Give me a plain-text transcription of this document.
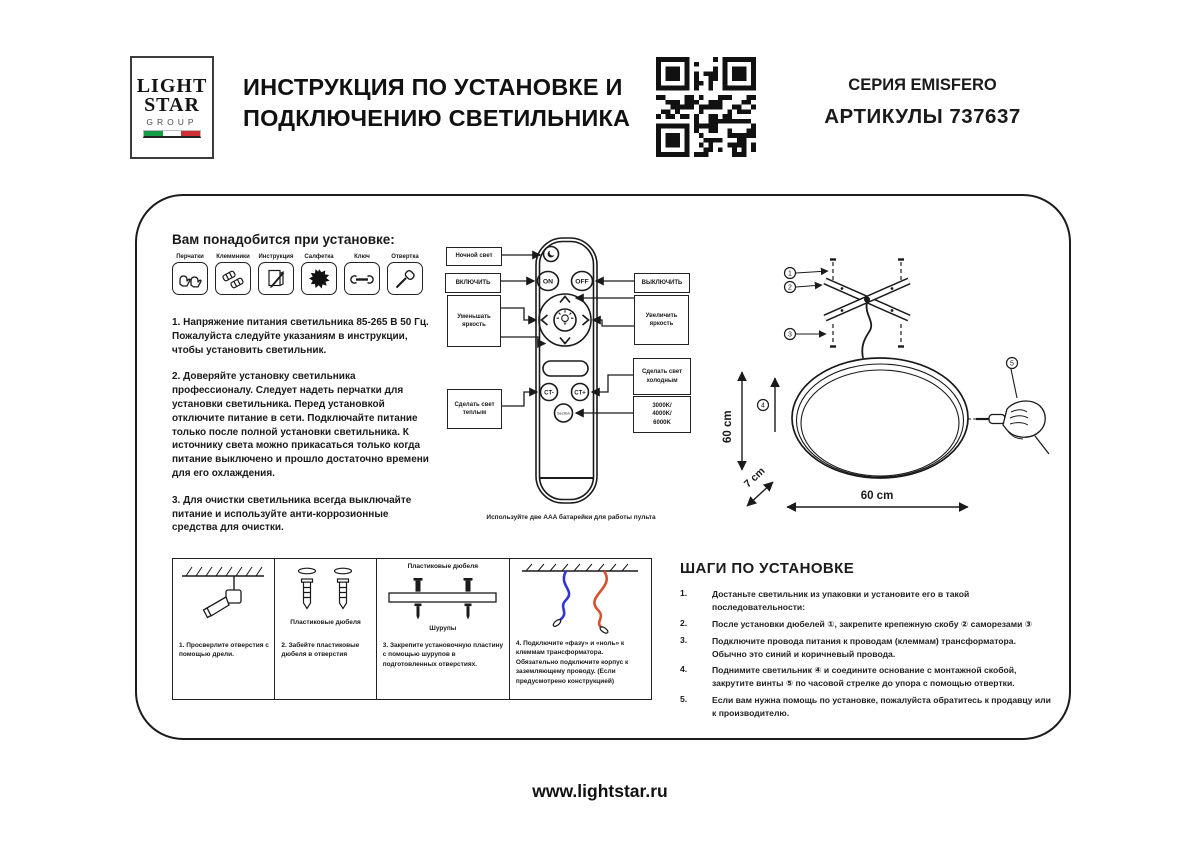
LIGHT
STAR
GROUP
ИНСТРУКЦИЯ ПО УСТАНОВКЕ И
ПОДКЛЮЧЕНИЮ СВЕТИЛЬНИКА
СЕРИЯ EMISFERO
АРТИКУЛЫ 737637
Вам понадобится при установке:
Перчатки Клеммники Инструкция Салфетка	Ключ	Отвертка

1. Напряжение питания светильника 85-265 В 50 Гц. Пожалуйста следуйте указаниям в инструкции, чтобы установить светильник.

2. Доверяйте установку светильника профессионалу. Следует надеть перчатки для установки светильника. Перед установкой отключите питание в сети. Подключайте питание только после полной установки светильника. К источнику света можно прикасаться только когда питание выключено и прошло достаточно времени для его охлаждения.

3. Для очистки светильника всегда выключайте питание и используйте анти-коррозионные средства для очистки.

ON	OFF
CT-	CT+
Section
Ночной свет
ВКЛЮЧИТЬ	ВЫКЛЮЧИТЬ
Уменьшать яркость
Увеличить яркость
Сделать свет теплым
Сделать свет холодным
3000K/
4000K/
6000K
Используйте две AAA батарейки для работы пульта
1
2
3
4
5
60 cm
7 cm
60 cm
1. Просверлите отверстия с помощью дрели.
Пластиковые дюбеля
2. Забейте пластиковые дюбеля в отверстия
Пластиковые дюбеля
Шурупы
3. Закрепите установочную пластину с помощью шурупов в подготовленных отверстиях.
4. Подключите «фазу» и «ноль» к клеммам трансформатора. Обязательно подключите корпус к заземляющему проводу. (Если предусмотрено конструкцией)
ШАГИ ПО УСТАНОВКЕ
1.	Достаньте светильник из упаковки и установите его в такой последовательности:
2.	После установки дюбелей ①, закрепите крепежную скобу ② саморезами ③
3.	Подключите провода питания к проводам (клеммам) трансформатора. Обычно это синий и коричневый провода.
4.	Поднимите светильник ④ и соедините основание с монтажной скобой, закрутите винты ⑤ по часовой стрелке до упора с помощью отвертки.
5.	Если вам нужна помощь по установке, пожалуйста обратитесь к продавцу или к производителю.
www.lightstar.ru
